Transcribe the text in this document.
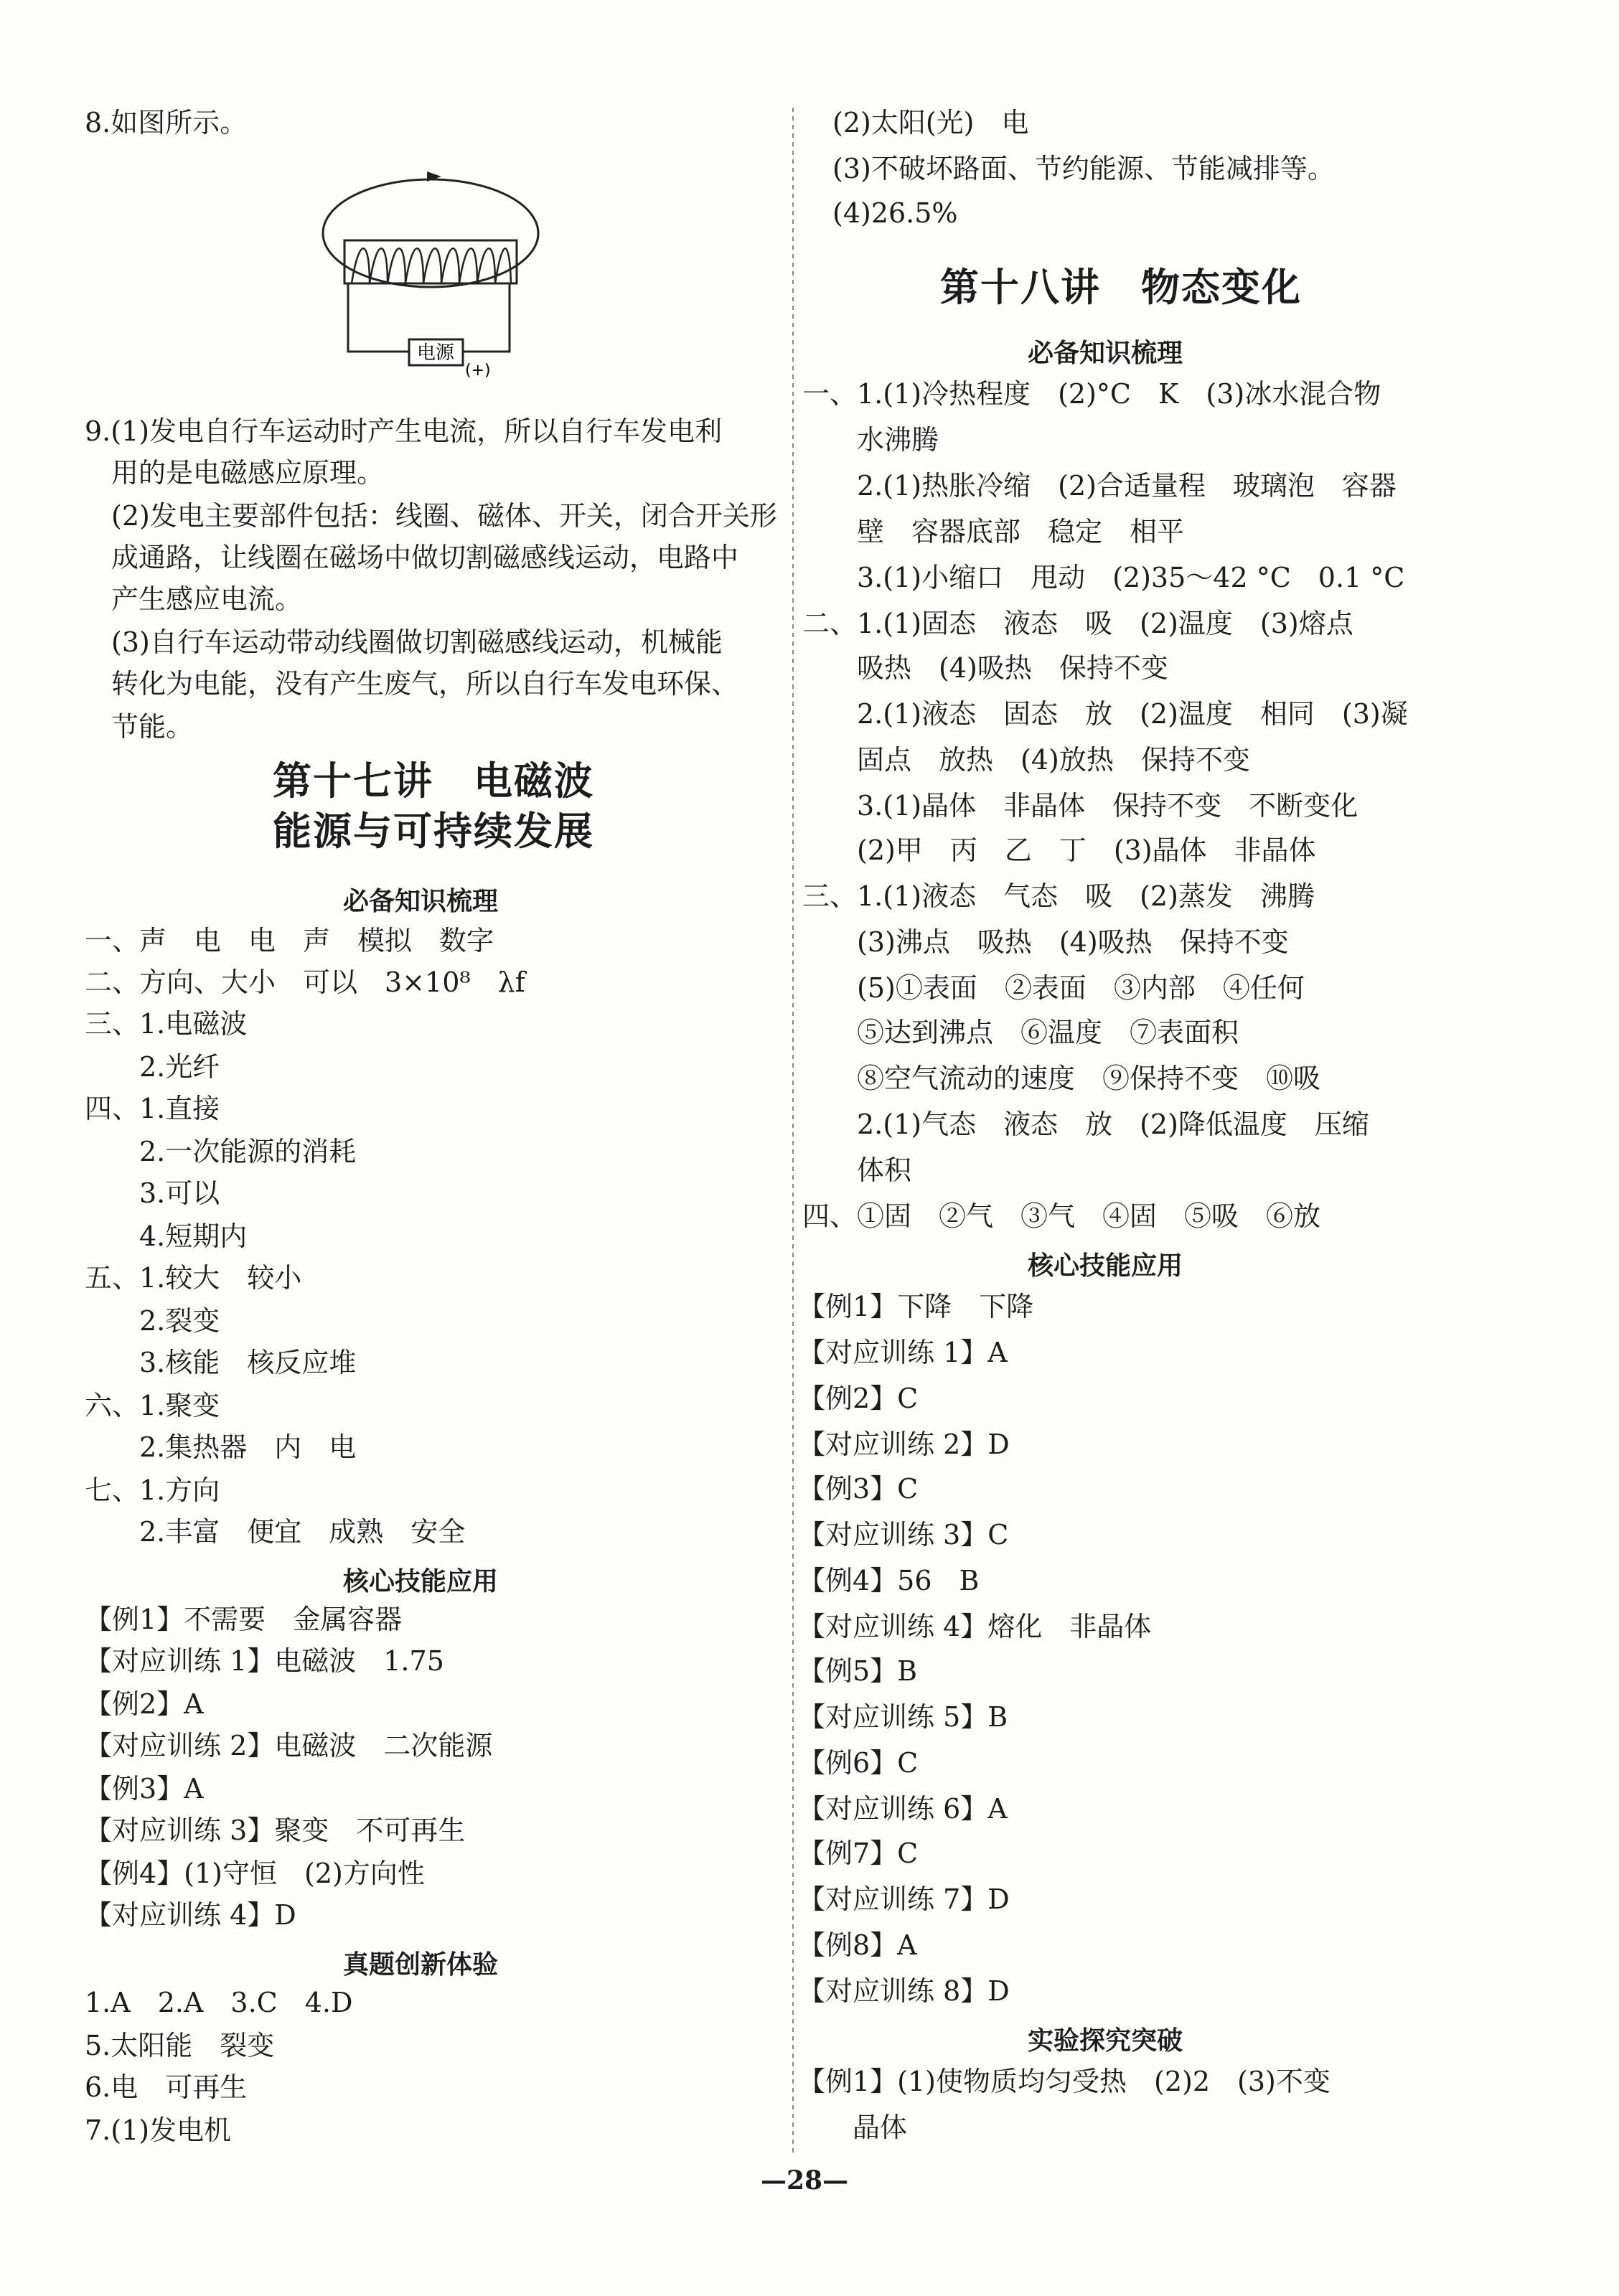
8.如图所示。
电源
(+)
9.(1)发电自行车运动时产生电流，所以自行车发电利
用的是电磁感应原理。
(2)发电主要部件包括：线圈、磁体、开关，闭合开关形
成通路，让线圈在磁场中做切割磁感线运动，电路中
产生感应电流。
(3)自行车运动带动线圈做切割磁感线运动，机械能
转化为电能，没有产生废气，所以自行车发电环保、
节能。
第十七讲　电磁波
能源与可持续发展
必备知识梳理
一、声　电　电　声　模拟　数字
二、方向、大小　可以　3×10⁸　λf
三、1.电磁波
　　2.光纤
四、1.直接
　　2.一次能源的消耗
　　3.可以
　　4.短期内
五、1.较大　较小
　　2.裂变
　　3.核能　核反应堆
六、1.聚变
　　2.集热器　内　电
七、1.方向
　　2.丰富　便宜　成熟　安全
核心技能应用
【例1】不需要　金属容器
【对应训练 1】电磁波　1.75
【例2】A
【对应训练 2】电磁波　二次能源
【例3】A
【对应训练 3】聚变　不可再生
【例4】(1)守恒　(2)方向性
【对应训练 4】D
真题创新体验
1.A　2.A　3.C　4.D
5.太阳能　裂变
6.电　可再生
7.(1)发电机
(2)太阳(光)　电
(3)不破坏路面、节约能源、节能减排等。
(4)26.5%
第十八讲　物态变化
必备知识梳理
一、1.(1)冷热程度　(2)°C　K　(3)冰水混合物
　　水沸腾
　　2.(1)热胀冷缩　(2)合适量程　玻璃泡　容器
　　壁　容器底部　稳定　相平
　　3.(1)小缩口　甩动　(2)35～42 °C　0.1 °C
二、1.(1)固态　液态　吸　(2)温度　(3)熔点
　　吸热　(4)吸热　保持不变
　　2.(1)液态　固态　放　(2)温度　相同　(3)凝
　　固点　放热　(4)放热　保持不变
　　3.(1)晶体　非晶体　保持不变　不断变化
　　(2)甲　丙　乙　丁　(3)晶体　非晶体
三、1.(1)液态　气态　吸　(2)蒸发　沸腾
　　(3)沸点　吸热　(4)吸热　保持不变
　　(5)①表面　②表面　③内部　④任何
　　⑤达到沸点　⑥温度　⑦表面积
　　⑧空气流动的速度　⑨保持不变　⑩吸
　　2.(1)气态　液态　放　(2)降低温度　压缩
　　体积
四、①固　②气　③气　④固　⑤吸　⑥放
核心技能应用
【例1】下降　下降
【对应训练 1】A
【例2】C
【对应训练 2】D
【例3】C
【对应训练 3】C
【例4】56　B
【对应训练 4】熔化　非晶体
【例5】B
【对应训练 5】B
【例6】C
【对应训练 6】A
【例7】C
【对应训练 7】D
【例8】A
【对应训练 8】D
实验探究突破
【例1】(1)使物质均匀受热　(2)2　(3)不变
　　晶体
—28—
